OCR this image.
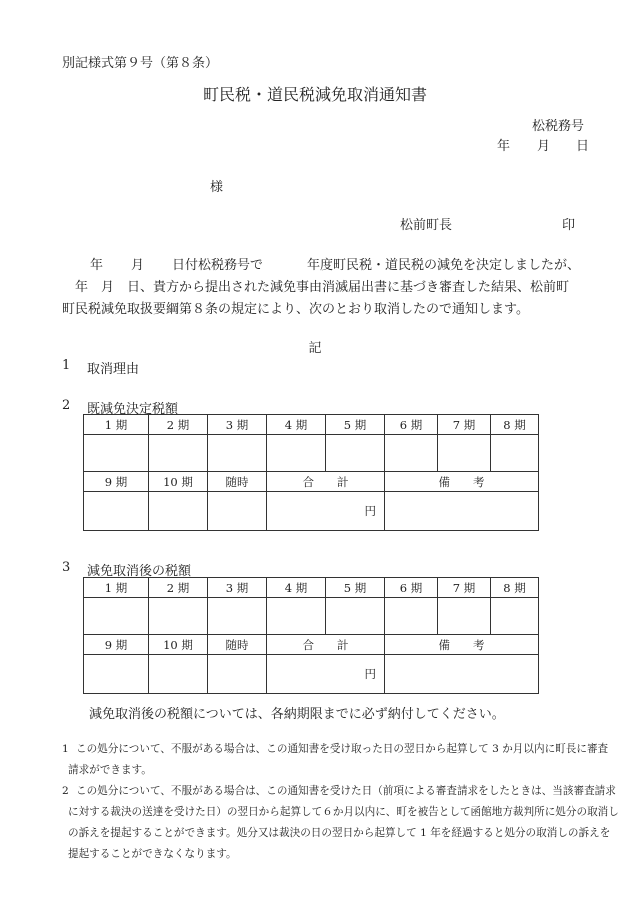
別記様式第９号（第８条）
町民税・道民税減免取消通知書
松税務号
年 月 日
様
松前町長	印
年 月 日付松税務号で	年度町民税・道民税の減免を決定しましたが、
年　月　日、貴方から提出された減免事由消滅届出書に基づき審査した結果、松前町
町民税減免取扱要綱第８条の規定により、次のとおり取消したので通知します。
記
1 取消理由
2 既減免決定税額
1 期	2 期	3 期	4 期	5 期	6 期	7 期	8 期

9 期	10 期	随時	合　　計		備　　考		
			円				
3 減免取消後の税額
1 期	2 期	3 期	4 期	5 期	6 期	7 期	8 期

9 期	10 期	随時	合　　計		備　　考		
			円				
減免取消後の税額については、各納期限までに必ず納付してください。
1 この処分について、不服がある場合は、この通知書を受け取った日の翌日から起算して 3 か月以内に町長に審査
請求ができます。
2 この処分について、不服がある場合は、この通知書を受けた日（前項による審査請求をしたときは、当該審査請求
に対する裁決の送達を受けた日）の翌日から起算して６か月以内に、町を被告として函館地方裁判所に処分の取消し
の訴えを提起することができます。処分又は裁決の日の翌日から起算して 1 年を経過すると処分の取消しの訴えを
提起することができなくなります。
